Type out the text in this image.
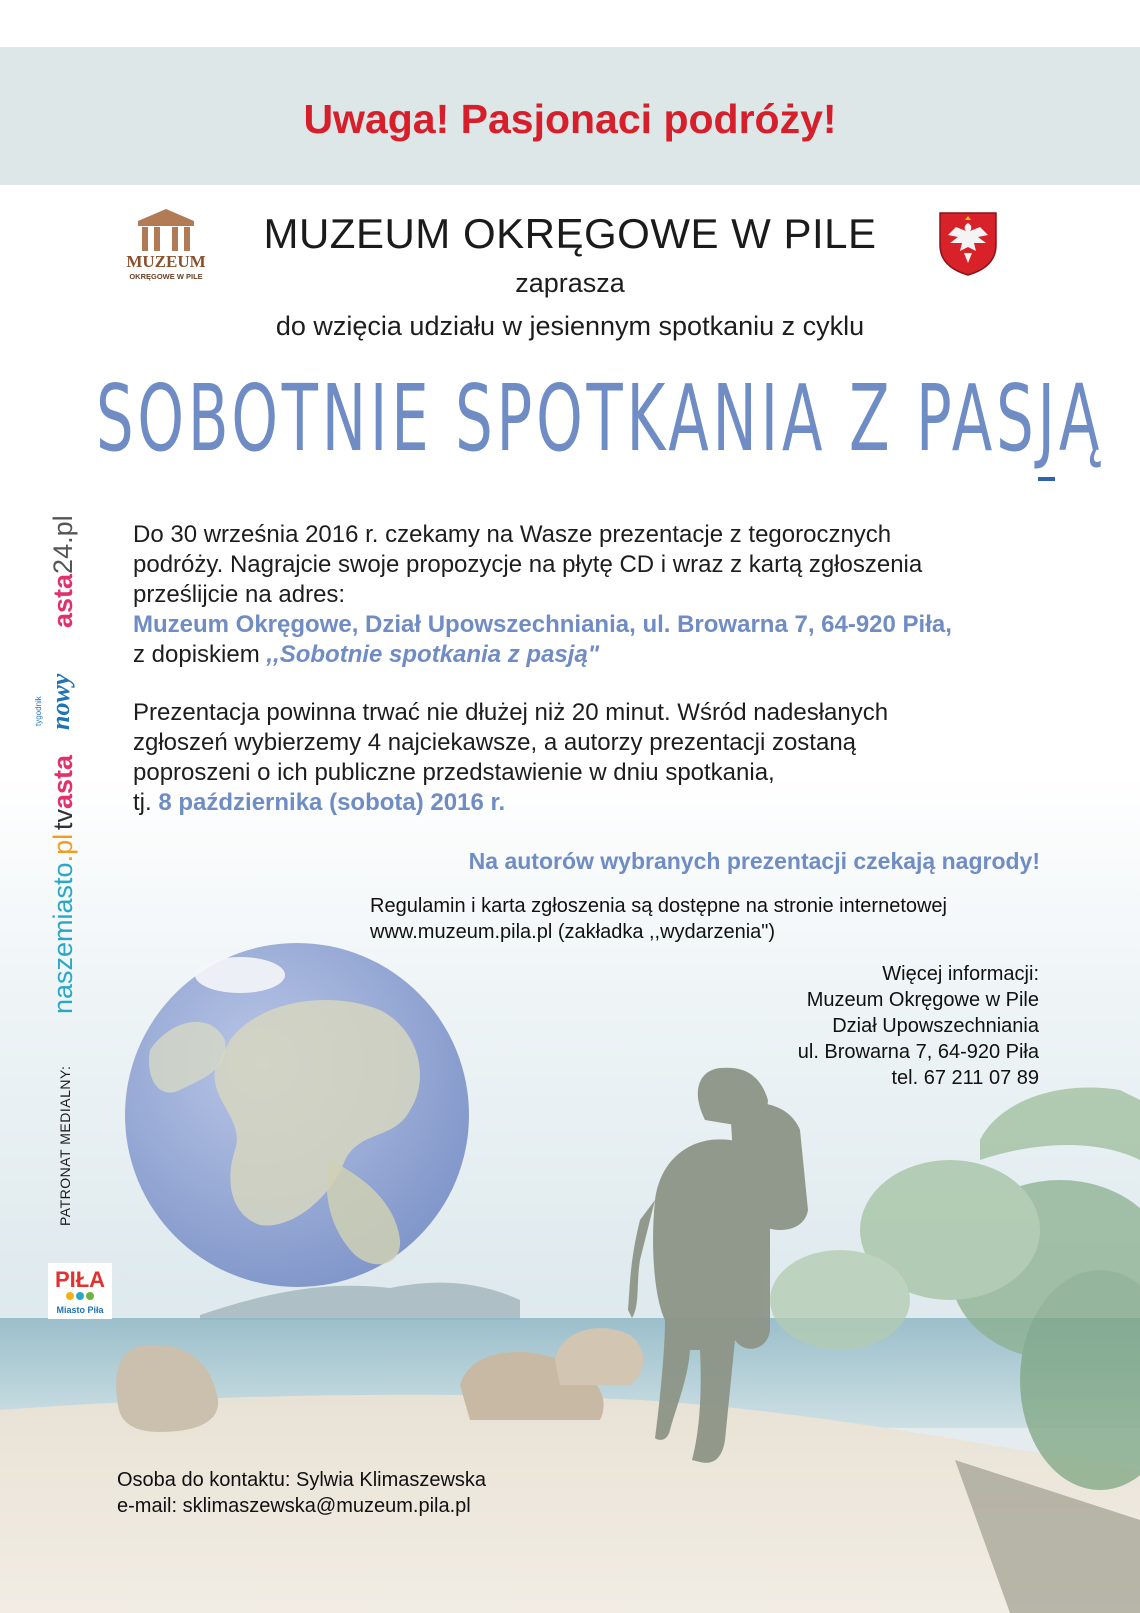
Uwaga! Pasjonaci podróży!
MUZEUM
OKRĘGOWE W PILE
MUZEUM OKRĘGOWE W PILE
zaprasza
do wzięcia udziału w jesiennym spotkaniu z cyklu
SOBOTNIE SPOTKANIA Z PASJĄ
Do 30 września 2016 r. czekamy na Wasze prezentacje z tegorocznych
podróży. Nagrajcie swoje propozycje na płytę CD i wraz z kartą zgłoszenia
prześlijcie na adres:
Muzeum Okręgowe, Dział Upowszechniania, ul. Browarna 7, 64-920 Piła,
z dopiskiem ,,Sobotnie spotkania z pasją"
Prezentacja powinna trwać nie dłużej niż 20 minut. Wśród nadesłanych
zgłoszeń wybierzemy 4 najciekawsze, a autorzy prezentacji zostaną
poproszeni o ich publiczne przedstawienie w dniu spotkania,
tj. 8 października (sobota) 2016 r.
Na autorów wybranych prezentacji czekają nagrody!
Regulamin i karta zgłoszenia są dostępne na stronie internetowej
www.muzeum.pila.pl (zakładka ,,wydarzenia")
Więcej informacji:
Muzeum Okręgowe w Pile
Dział Upowszechniania
ul. Browarna 7, 64-920 Piła
tel. 67 211 07 89
Osoba do kontaktu: Sylwia Klimaszewska
e-mail: sklimaszewska@muzeum.pila.pl
asta24.pl
tygodnik nowy
tvasta
naszemiasto.pl
PATRONAT MEDIALNY:
PIŁA
Miasto Piła
